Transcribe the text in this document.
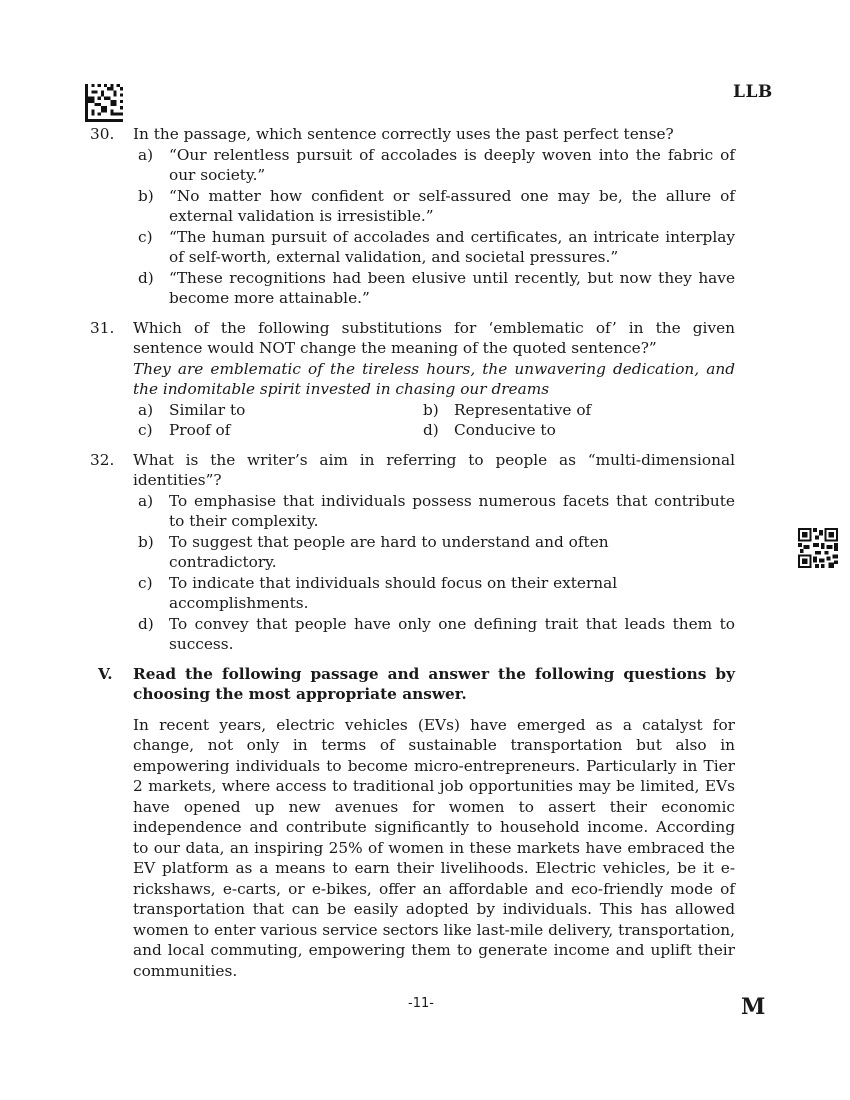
LLB
30. In the passage, which sentence correctly uses the past perfect tense?
a) “Our relentless pursuit of accolades is deeply woven into the fabric of our society.”
b) “No matter how confident or self-assured one may be, the allure of external validation is irresistible.”
c) “The human pursuit of accolades and certificates, an intricate interplay of self-worth, external validation, and societal pressures.”
d) “These recognitions had been elusive until recently, but now they have become more attainable.”
31. Which of the following substitutions for ‘emblematic of’ in the given sentence would NOT change the meaning of the quoted sentence?”
They are emblematic of the tireless hours, the unwavering dedication, and the indomitable spirit invested in chasing our dreams
a) Similar to	b) Representative of
c) Proof of	d) Conducive to
32. What is the writer’s aim in referring to people as “multi-dimensional identities”?
a) To emphasise that individuals possess numerous facets that contribute to their complexity.
b) To suggest that people are hard to understand and often contradictory.
c) To indicate that individuals should focus on their external accomplishments.
d) To convey that people have only one defining trait that leads them to success.
V. Read the following passage and answer the following questions by choosing the most appropriate answer.
In recent years, electric vehicles (EVs) have emerged as a catalyst for change, not only in terms of sustainable transportation but also in empowering individuals to become micro-entrepreneurs. Particularly in Tier 2 markets, where access to traditional job opportunities may be limited, EVs have opened up new avenues for women to assert their economic independence and contribute significantly to household income. According to our data, an inspiring 25% of women in these markets have embraced the EV platform as a means to earn their livelihoods. Electric vehicles, be it e-rickshaws, e-carts, or e-bikes, offer an affordable and eco-friendly mode of transportation that can be easily adopted by individuals. This has allowed women to enter various service sectors like last-mile delivery, transportation, and local commuting, empowering them to generate income and uplift their communities.
-11-	M
